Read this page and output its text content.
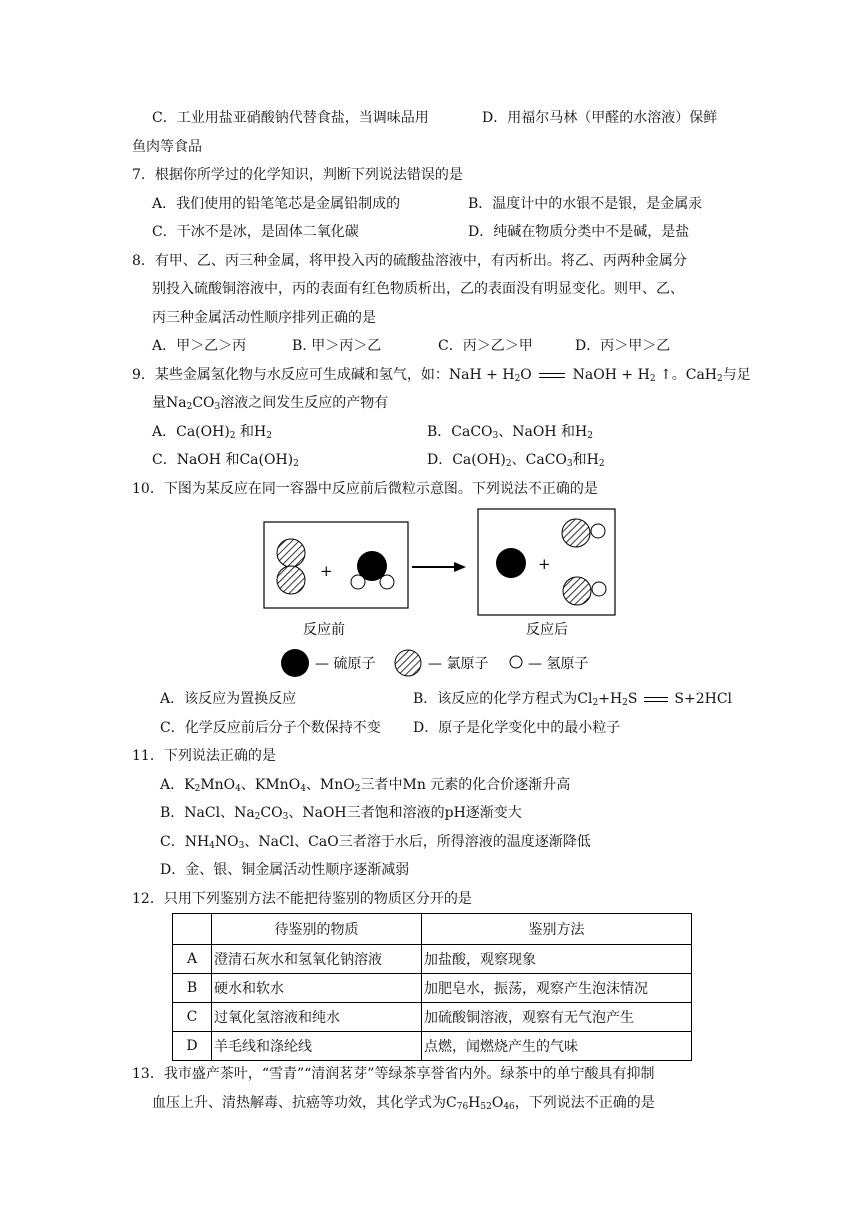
C．工业用盐亚硝酸钠代替食盐，当调味品用	D．用福尔马林（甲醛的水溶液）保鲜
鱼肉等食品
7．根据你所学过的化学知识，判断下列说法错误的是
A．我们使用的铅笔笔芯是金属铅制成的	B．温度计中的水银不是银，是金属汞
C．干冰不是冰，是固体二氧化碳	D．纯碱在物质分类中不是碱，是盐
8．有甲、乙、丙三种金属，将甲投入丙的硫酸盐溶液中，有丙析出。将乙、丙两种金属分
别投入硫酸铜溶液中，丙的表面有红色物质析出，乙的表面没有明显变化。则甲、乙、
丙三种金属活动性顺序排列正确的是
A．甲＞乙＞丙	B. 甲＞丙＞乙	C．丙＞乙＞甲	D．丙＞甲＞乙
9．某些金属氢化物与水反应可生成碱和氢气，如：NaH + $H_2O$	NaOH + $H_2$ ↑。CaH$_2$与足
量$Na_2CO_3$溶液之间发生反应的产物有
A．$Ca(OH)_2$ 和$H_2$	B．CaCO$_3$、NaOH 和$H_2$
C．NaOH 和$Ca(OH)_2$	D．$Ca(OH)_2$、CaCO$_3$和$H_2$
10．下图为某反应在同一容器中反应前后微粒示意图。下列说法不正确的是
+	+
反应前	反应后
— 硫原子	— 氯原子	— 氢原子
A．该反应为置换反应	B．该反应的化学方程式为$Cl_2+H_2S$  S+2HCl
C．化学反应前后分子个数保持不变 D．原子是化学变化中的最小粒子
11．下列说法正确的是
A．$K_2MnO_4$、KMnO$_4$、MnO$_2$三者中Mn 元素的化合价逐渐升高
B．NaCl、$Na_2CO_3$、NaOH三者饱和溶液的pH逐渐变大
C．$NH_4NO_3$、NaCl、CaO三者溶于水后，所得溶液的温度逐渐降低
D．金、银、铜金属活动性顺序逐渐减弱
12．只用下列鉴别方法不能把待鉴别的物质区分开的是
	待鉴别的物质	鉴别方法
A	澄清石灰水和氢氧化钠溶液	加盐酸，观察现象
B	硬水和软水	加肥皂水，振荡，观察产生泡沫情况
C	过氧化氢溶液和纯水	加硫酸铜溶液，观察有无气泡产生
D	羊毛线和涤纶线	点燃，闻燃烧产生的气味
13．我市盛产茶叶，“雪青”“清润茗芽”等绿茶享誉省内外。绿茶中的单宁酸具有抑制
血压上升、清热解毒、抗癌等功效，其化学式为$C_{76}H_{52}O_{46}$，下列说法不正确的是
